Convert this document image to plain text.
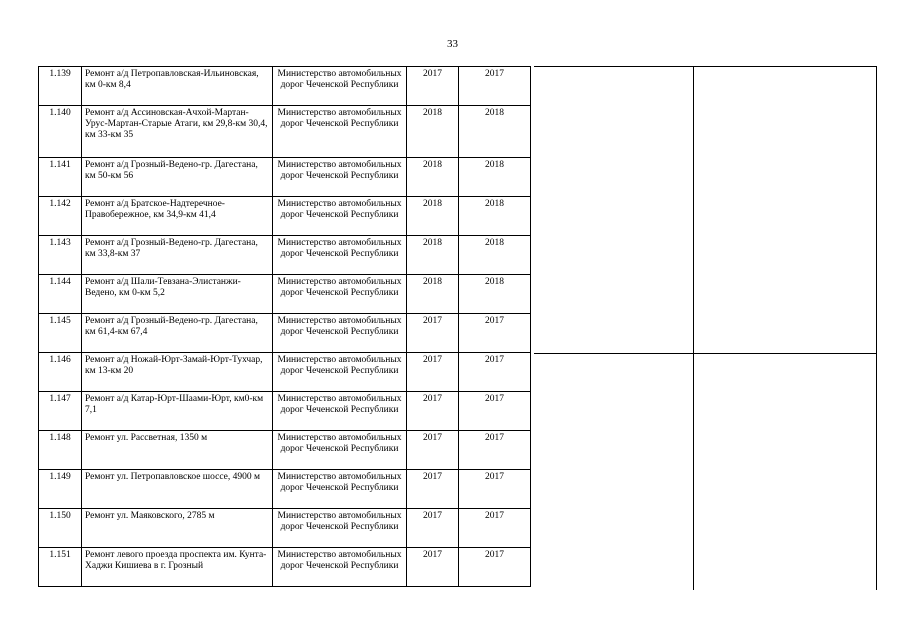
33
1.139	Ремонт а/д Петропавловская-Ильиновская, км 0-км 8,4	Министерство автомобильных дорог Чеченской Республики	2017	2017
1.140	Ремонт а/д Ассиновская-Ачхой-Мартан-Урус-Мартан-Старые Атаги, км 29,8-км 30,4, км 33-км 35	Министерство автомобильных дорог Чеченской Республики	2018	2018
1.141	Ремонт а/д Грозный-Ведено-гр. Дагестана, км 50-км 56	Министерство автомобильных дорог Чеченской Республики	2018	2018
1.142	Ремонт а/д Братское-Надтеречное-Правобережное, км 34,9-км 41,4	Министерство автомобильных дорог Чеченской Республики	2018	2018
1.143	Ремонт а/д Грозный-Ведено-гр. Дагестана, км 33,8-км 37	Министерство автомобильных дорог Чеченской Республики	2018	2018
1.144	Ремонт а/д Шали-Тевзана-Элистанжи-Ведено, км 0-км 5,2	Министерство автомобильных дорог Чеченской Республики	2018	2018
1.145	Ремонт а/д Грозный-Ведено-гр. Дагестана, км 61,4-км 67,4	Министерство автомобильных дорог Чеченской Республики	2017	2017
1.146	Ремонт а/д Ножай-Юрт-Замай-Юрт-Тухчар, км 13-км 20	Министерство автомобильных дорог Чеченской Республики	2017	2017
1.147	Ремонт а/д Катар-Юрт-Шаами-Юрт, км0-км 7,1	Министерство автомобильных дорог Чеченской Республики	2017	2017
1.148	Ремонт ул. Рассветная, 1350 м	Министерство автомобильных дорог Чеченской Республики	2017	2017
1.149	Ремонт ул. Петропавловское шоссе, 4900 м	Министерство автомобильных дорог Чеченской Республики	2017	2017
1.150	Ремонт ул. Маяковского, 2785 м	Министерство автомобильных дорог Чеченской Республики	2017	2017
1.151	Ремонт левого проезда проспекта им. Кунта-Хаджи Кишиева в г. Грозный	Министерство автомобильных дорог Чеченской Республики	2017	2017
